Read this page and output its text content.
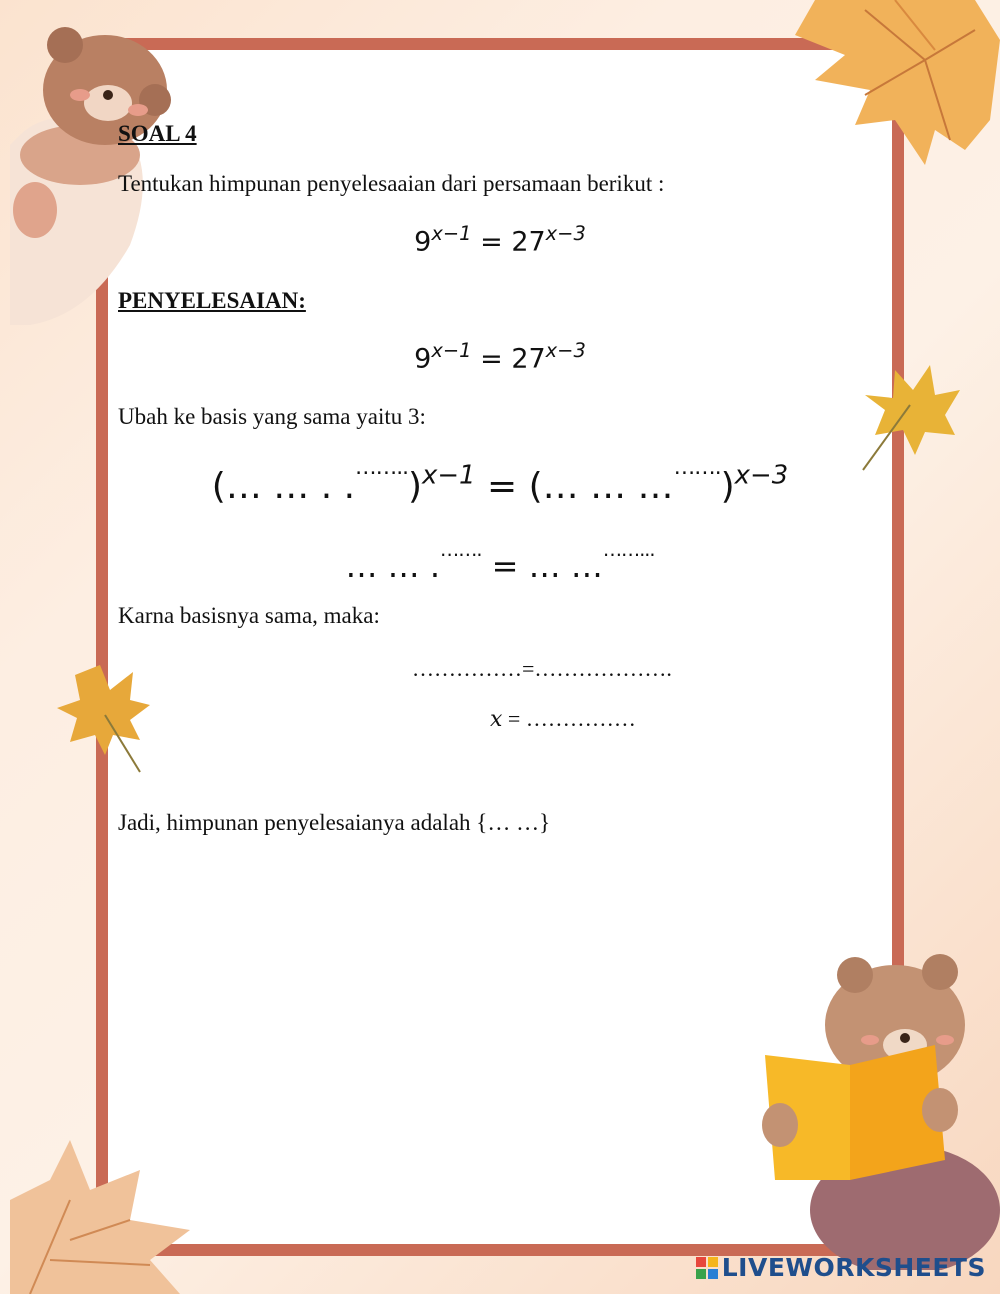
SOAL 4
Tentukan himpunan penyelesaaian dari persamaan berikut :
$9^{x-1} = 27^{x-3}$
PENYELESAIAN:
$9^{x-1} = 27^{x-3}$
Ubah ke basis yang sama yaitu 3:
(… … . .……..)$^{x-1}$ = (… … ……….)$^{x-3}$
… … .……. = … ………...
Karna basisnya sama, maka:
……………=……………….
x = ……………
Jadi, himpunan penyelesaianya adalah {… …}
LIVEWORKSHEETS
